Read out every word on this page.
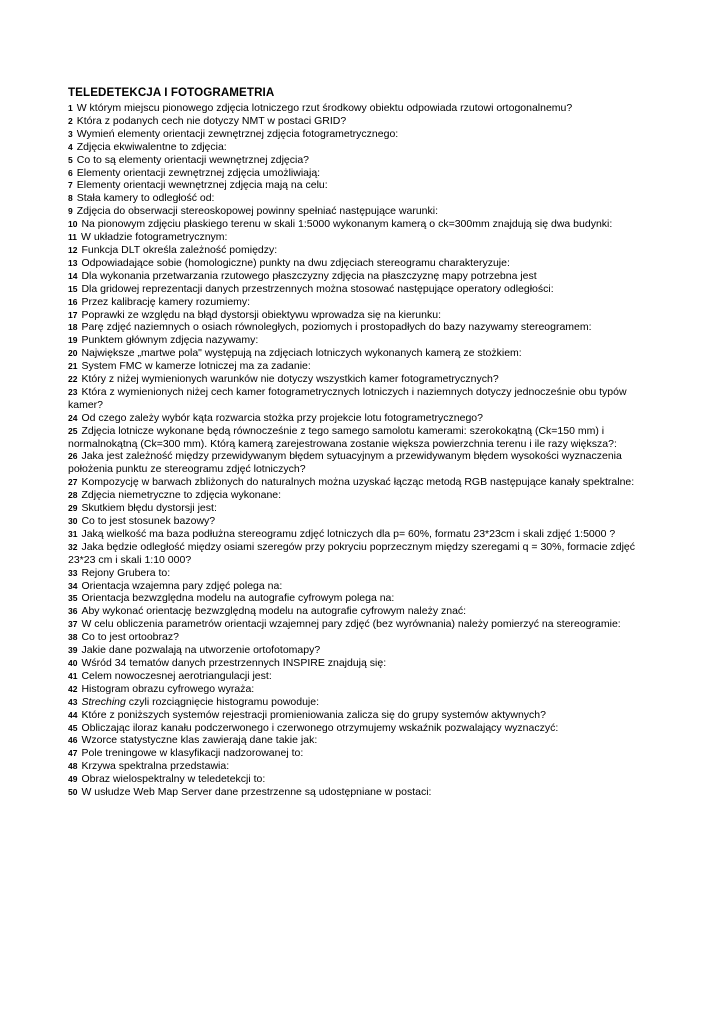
TELEDETEKCJA I FOTOGRAMETRIA
1 W którym miejscu pionowego zdjęcia lotniczego rzut środkowy obiektu odpowiada rzutowi ortogonalnemu?
2 Która z podanych cech nie dotyczy NMT w postaci GRID?
3 Wymień elementy orientacji zewnętrznej zdjęcia fotogrametrycznego:
4 Zdjęcia ekwiwalentne to zdjęcia:
5 Co to są elementy orientacji wewnętrznej zdjęcia?
6 Elementy orientacji zewnętrznej zdjęcia umożliwiają:
7 Elementy orientacji wewnętrznej zdjęcia mają na celu:
8 Stała kamery to odległość od:
9 Zdjęcia do obserwacji stereoskopowej powinny spełniać następujące warunki:
10 Na pionowym zdjęciu płaskiego terenu w skali 1:5000 wykonanym kamerą o ck=300mm znajdują się dwa budynki:
11 W układzie fotogrametrycznym:
12 Funkcja DLT określa zależność pomiędzy:
13 Odpowiadające sobie (homologiczne) punkty na dwu zdjęciach stereogramu charakteryzuje:
14 Dla wykonania przetwarzania rzutowego płaszczyzny zdjęcia na płaszczyznę mapy potrzebna jest
15 Dla gridowej reprezentacji danych przestrzennych można stosować następujące operatory odległości:
16 Przez kalibrację kamery rozumiemy:
17 Poprawki ze względu na błąd dystorsji obiektywu wprowadza się na kierunku:
18 Parę zdjęć naziemnych o osiach równoległych, poziomych i prostopadłych do bazy nazywamy stereogramem:
19 Punktem głównym zdjęcia nazywamy:
20 Największe „martwe pola" występują na zdjęciach lotniczych wykonanych kamerą ze stożkiem:
21 System FMC w kamerze lotniczej ma za zadanie:
22 Który z niżej wymienionych warunków nie dotyczy wszystkich kamer fotogrametrycznych?
23 Która z wymienionych niżej cech kamer fotogrametrycznych lotniczych i naziemnych dotyczy jednocześnie obu typów kamer?
24 Od czego zależy wybór kąta rozwarcia stożka przy projekcie lotu fotogrametrycznego?
25 Zdjęcia lotnicze wykonane będą równocześnie z tego samego samolotu kamerami: szerokokątną (Ck=150 mm) i normalnokątną (Ck=300 mm). Którą kamerą zarejestrowana zostanie większa powierzchnia terenu i ile razy większa?:
26 Jaka jest zależność między przewidywanym błędem sytuacyjnym a przewidywanym błędem wysokości wyznaczenia położenia punktu ze stereogramu zdjęć lotniczych?
27 Kompozycję w barwach zbliżonych do naturalnych można uzyskać łącząc metodą RGB następujące kanały spektralne:
28 Zdjęcia niemetryczne to zdjęcia wykonane:
29 Skutkiem błędu dystorsji jest:
30 Co to jest stosunek bazowy?
31 Jaką wielkość ma baza podłużna stereogramu zdjęć lotniczych dla p= 60%, formatu 23*23cm i skali zdjęć 1:5000 ?
32 Jaka będzie odległość między osiami szeregów przy pokryciu poprzecznym między szeregami q = 30%, formacie zdjęć 23*23 cm i skali 1:10 000?
33 Rejony Grubera to:
34 Orientacja wzajemna pary zdjęć polega na:
35 Orientacja bezwzględna modelu na autografie cyfrowym polega na:
36 Aby wykonać orientację bezwzględną modelu na autografie cyfrowym należy znać:
37 W celu obliczenia parametrów orientacji wzajemnej pary zdjęć (bez wyrównania) należy pomierzyć na stereogramie:
38 Co to jest ortoobraz?
39 Jakie dane pozwalają na utworzenie ortofotomapy?
40 Wśród 34 tematów danych przestrzennych INSPIRE znajdują się:
41 Celem nowoczesnej aerotriangulacji jest:
42 Histogram obrazu cyfrowego wyraża:
43 Streching czyli rozciągnięcie histogramu powoduje:
44 Które z poniższych systemów rejestracji promieniowania zalicza się do grupy systemów aktywnych?
45 Obliczając iloraz kanału podczerwonego i czerwonego otrzymujemy wskaźnik pozwalający wyznaczyć:
46 Wzorce statystyczne klas zawierają dane takie jak:
47 Pole treningowe w klasyfikacji nadzorowanej to:
48 Krzywa spektralna przedstawia:
49 Obraz wielospektralny w teledetekcji to:
50 W usłudze Web Map Server dane przestrzenne są udostępniane w postaci:
